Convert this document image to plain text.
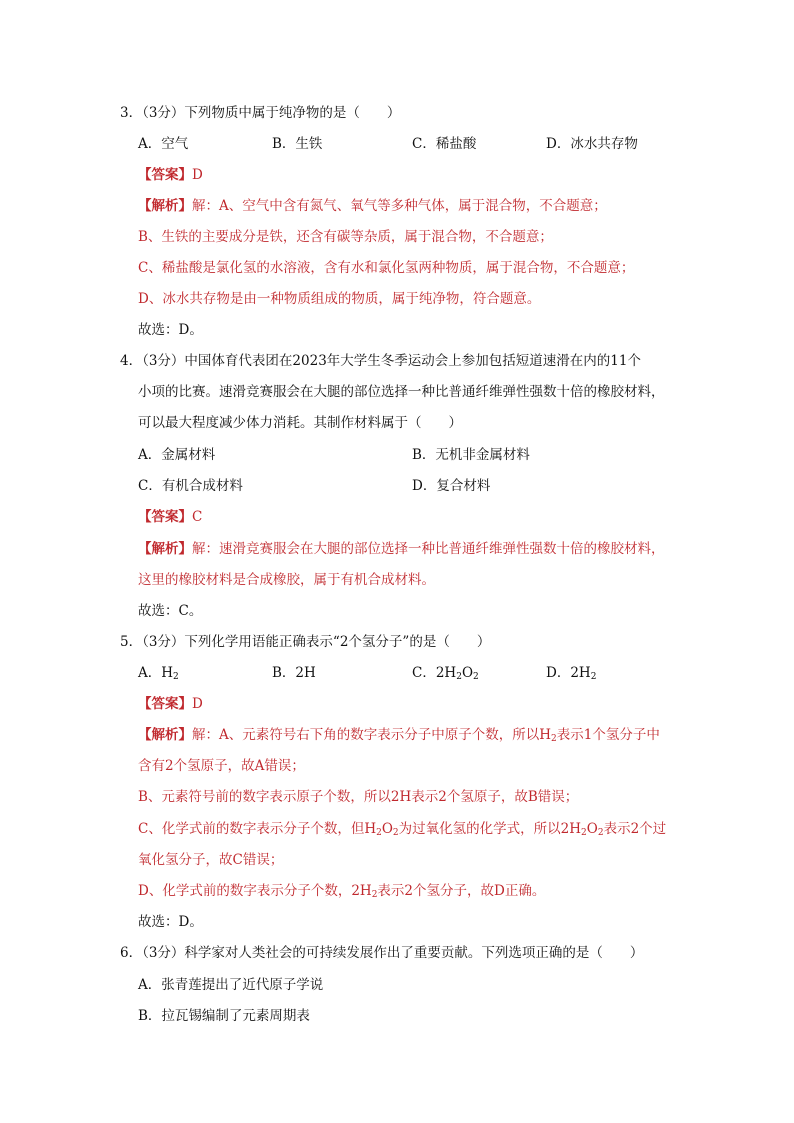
3．（3分）下列物质中属于纯净物的是（　　）
A．空气	B．生铁	C．稀盐酸	D．冰水共存物
【答案】D
【解析】解：A、空气中含有氮气、氧气等多种气体，属于混合物，不合题意；
B、生铁的主要成分是铁，还含有碳等杂质，属于混合物，不合题意；
C、稀盐酸是氯化氢的水溶液，含有水和氯化氢两种物质，属于混合物，不合题意；
D、冰水共存物是由一种物质组成的物质，属于纯净物，符合题意。
故选：D。
4．（3分）中国体育代表团在2023年大学生冬季运动会上参加包括短道速滑在内的11个
小项的比赛。速滑竞赛服会在大腿的部位选择一种比普通纤维弹性强数十倍的橡胶材料，
可以最大程度减少体力消耗。其制作材料属于（　　）
A．金属材料	B．无机非金属材料
C．有机合成材料	D．复合材料
【答案】C
【解析】解：速滑竞赛服会在大腿的部位选择一种比普通纤维弹性强数十倍的橡胶材料，
这里的橡胶材料是合成橡胶，属于有机合成材料。
故选：C。
5．（3分）下列化学用语能正确表示“2个氢分子”的是（　　）
A．$H_2$	B．2H	C．$2H_2O_2$	D．$2H_2$
【答案】D
【解析】解：A、元素符号右下角的数字表示分子中原子个数，所以$H_2$表示1个氢分子中
含有2个氢原子，故A错误；
B、元素符号前的数字表示原子个数，所以2H表示2个氢原子，故B错误；
C、化学式前的数字表示分子个数，但$H_2O_2$为过氧化氢的化学式，所以$2H_2O_2$表示2个过
氧化氢分子，故C错误；
D、化学式前的数字表示分子个数，$2H_2$表示2个氢分子，故D正确。
故选：D。
6．（3分）科学家对人类社会的可持续发展作出了重要贡献。下列选项正确的是（　　）
A．张青莲提出了近代原子学说
B．拉瓦锡编制了元素周期表
